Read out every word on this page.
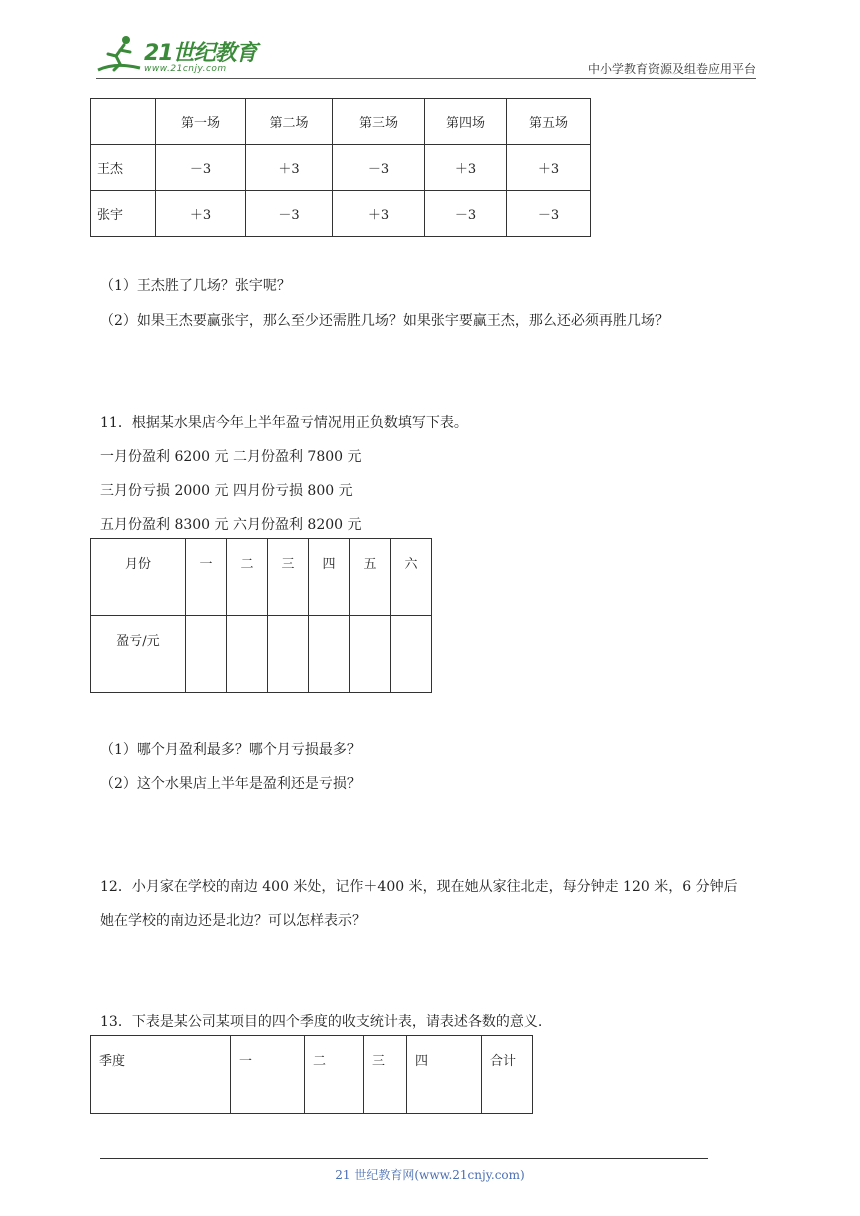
21世纪教育
www.21cnjy.com	中小学教育资源及组卷应用平台
	第一场	第二场	第三场	第四场	第五场
王杰	－3	＋3	－3	＋3	＋3
张宇	＋3	－3	＋3	－3	－3
（1）王杰胜了几场？张宇呢？
（2）如果王杰要赢张宇，那么至少还需胜几场？如果张宇要赢王杰，那么还必须再胜几场？
11．根据某水果店今年上半年盈亏情况用正负数填写下表。
一月份盈利 6200 元 二月份盈利 7800 元
三月份亏损 2000 元 四月份亏损 800 元
五月份盈利 8300 元 六月份盈利 8200 元
月份	一	二	三	四	五	六
盈亏/元						
（1）哪个月盈利最多？哪个月亏损最多？
（2）这个水果店上半年是盈利还是亏损？
12．小月家在学校的南边 400 米处，记作＋400 米，现在她从家往北走，每分钟走 120 米，6 分钟后
她在学校的南边还是北边？可以怎样表示？
13．下表是某公司某项目的四个季度的收支统计表，请表述各数的意义.
季度	一	二	三	四	合计
21 世纪教育网(www.21cnjy.com)
